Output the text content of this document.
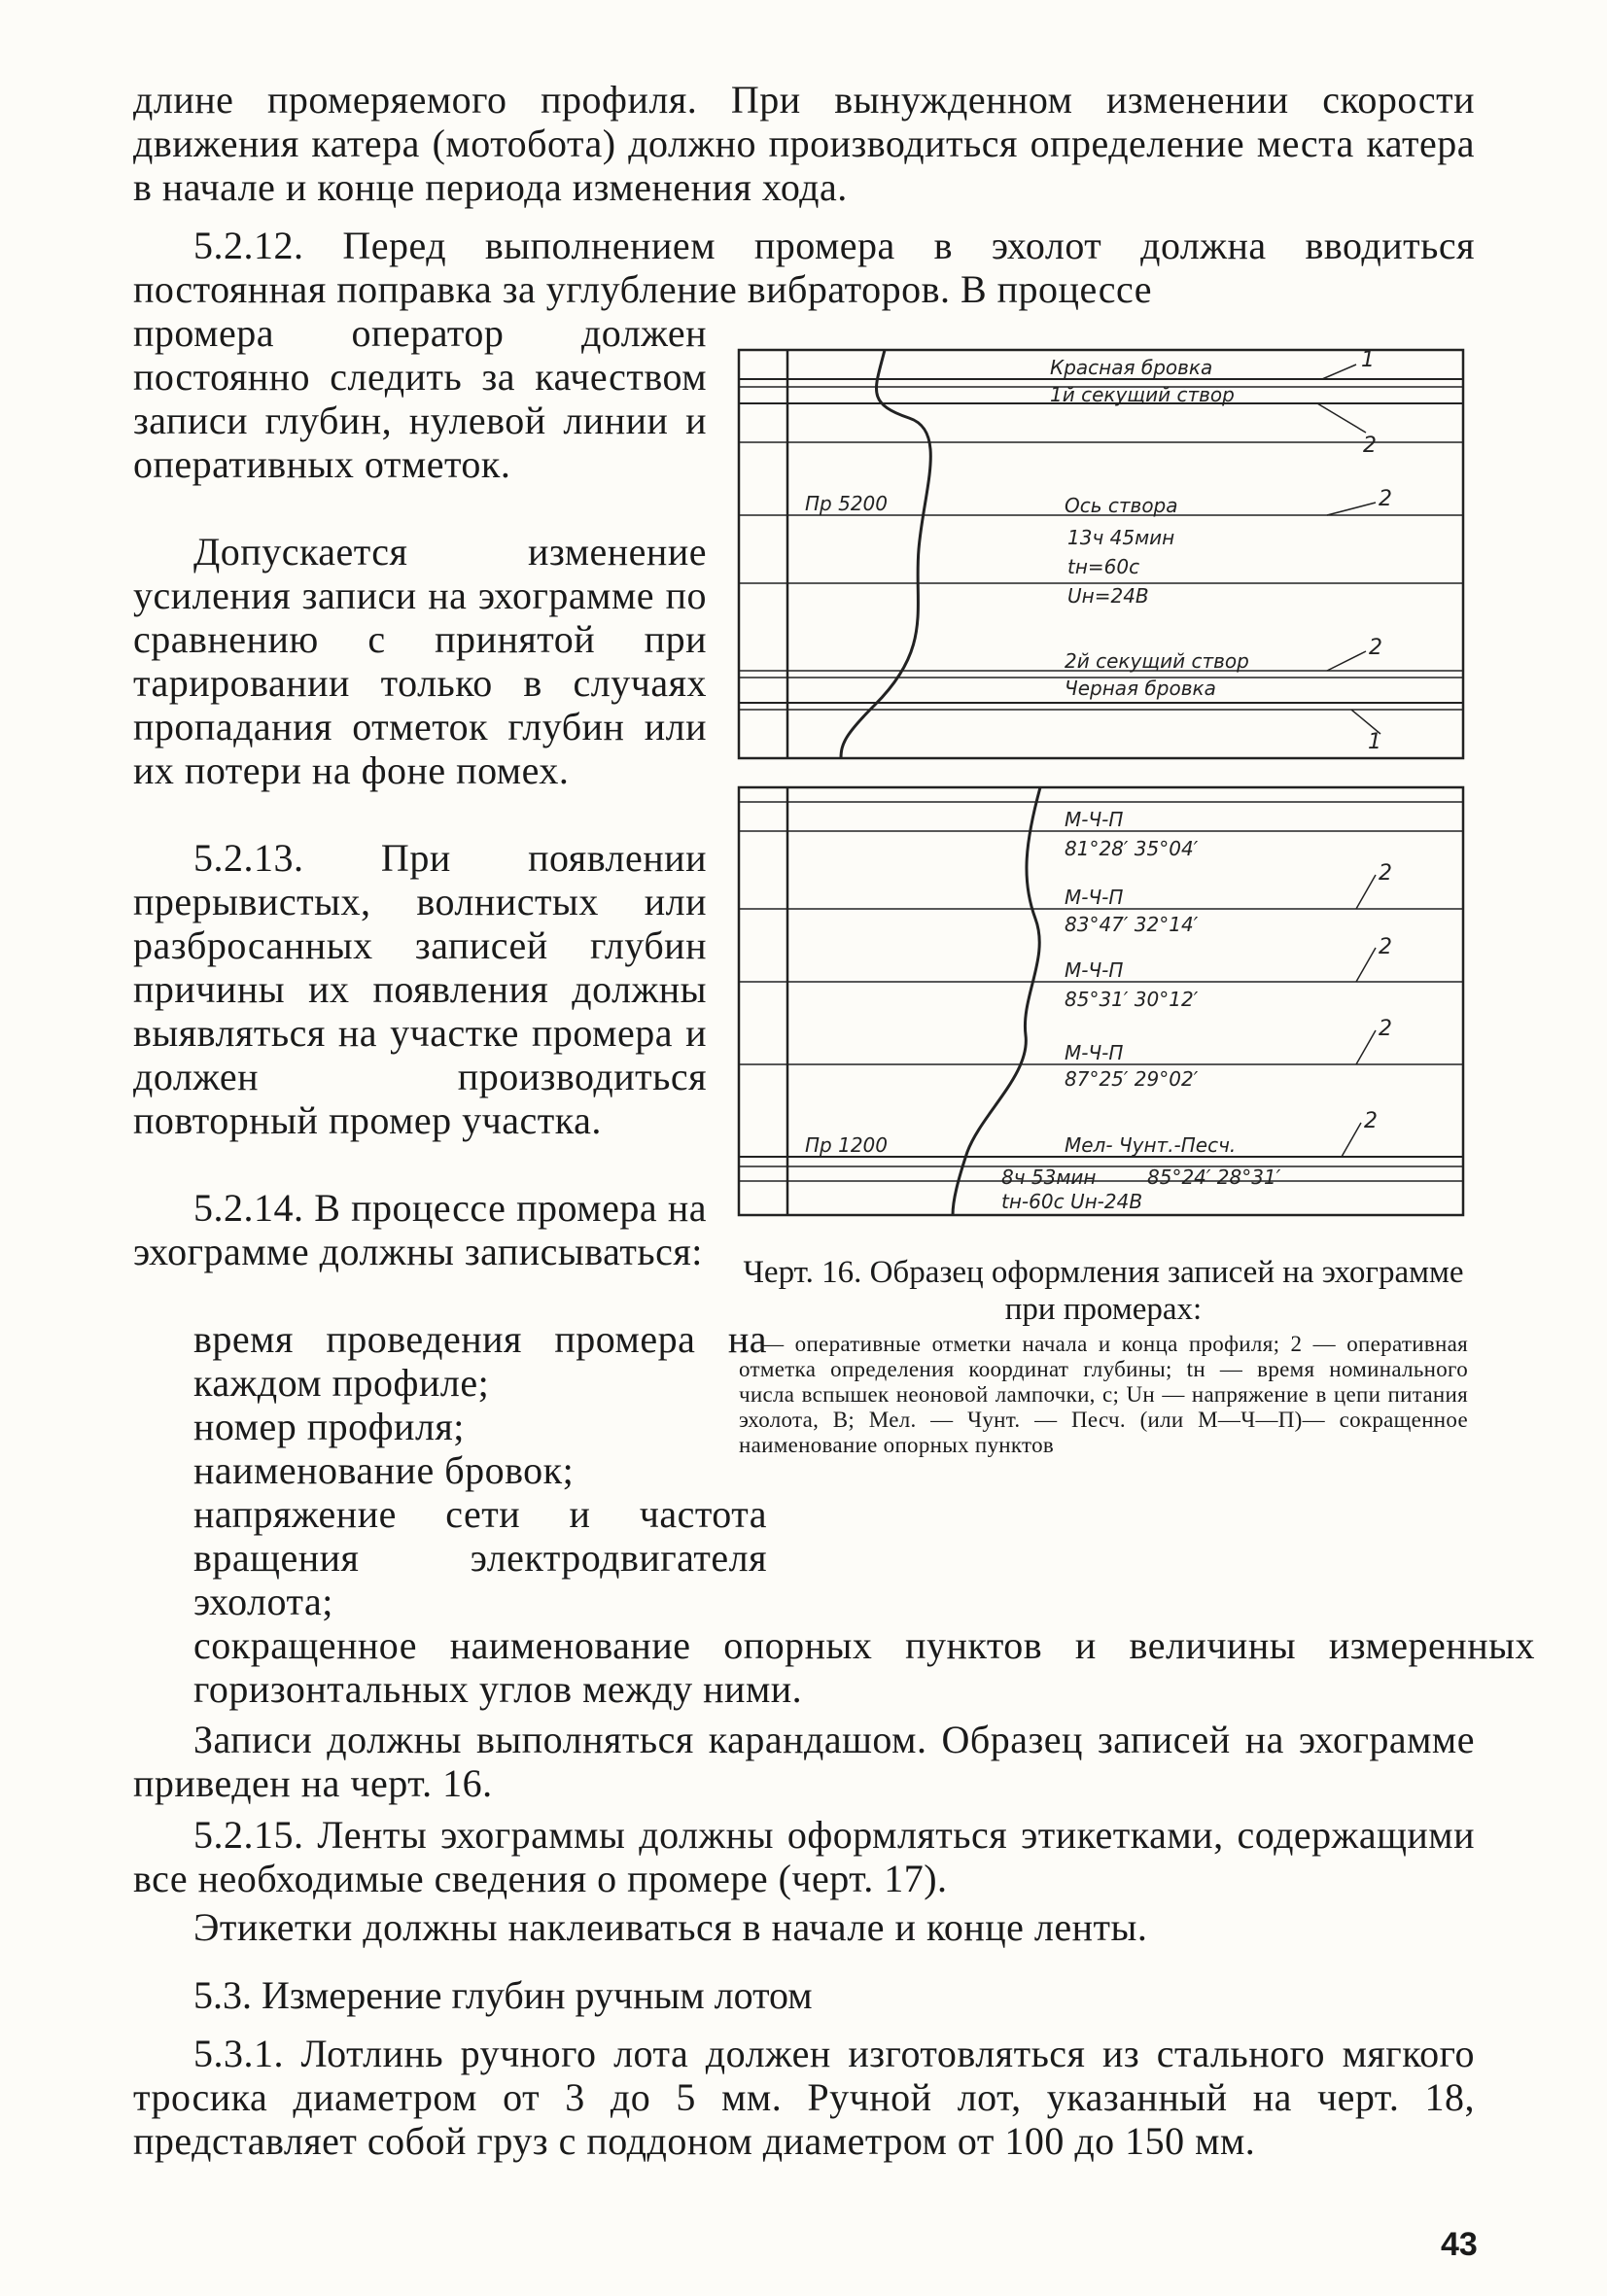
длине промеряемого профиля. При вынужденном изменении скорости движения катера (мотобота) должно производиться определение места катера в начале и конце периода изменения хода.
5.2.12. Перед выполнением промера в эхолот должна вводиться постоянная поправка за углубление вибраторов. В процессе
промера оператор должен постоянно следить за качеством записи глубин, нулевой линии и оперативных отметок.
Допускается изменение усиления записи на эхограмме по сравнению с принятой при тарировании только в случаях пропадания отметок глубин или их потери на фоне помех.
5.2.13. При появлении прерывистых, волнистых или разбросанных записей глубин причины их появления должны выявляться на участке промера и должен производиться повторный промер участка.
5.2.14. В процессе промера на эхограмме должны записываться:
время проведения промера на каждом профиле;
номер профиля;
наименование бровок;
напряжение сети и частота вращения электродвигателя эхолота;
сокращенное наименование опорных пунктов и величины измеренных горизонтальных углов между ними.
Записи должны выполняться карандашом. Образец записей на эхограмме приведен на черт. 16.
5.2.15. Ленты эхограммы должны оформляться этикетками, содержащими все необходимые сведения о промере (черт. 17).
Этикетки должны наклеиваться в начале и конце ленты.
5.3. Измерение глубин ручным лотом
5.3.1. Лотлинь ручного лота должен изготовляться из стального мягкого тросика диаметром от 3 до 5 мм. Ручной лот, указанный на черт. 18, представляет собой груз с поддоном диаметром от 100 до 150 мм.
Красная бровка
1й секущий створ
Пр 5200	Ось створа
13ч 45мин
tн=60с
Uн=24В
2й секущий створ
Черная бровка
М-Ч-П
81°28′ 35°04′
М-Ч-П
83°47′ 32°14′
М-Ч-П
85°31′ 30°12′
М-Ч-П
87°25′ 29°02′
Мел- Чунт.-Песч.
Пр 1200
8ч 53мин	85°24′ 28°31′
tн-60с Uн-24В
1
2
2
2
1
2
2
2
2
Черт. 16. Образец оформления записей на эхограмме при промерах:
1 — оперативные отметки начала и конца профиля; 2 — оперативная отметка определения координат глубины; tн — время номинального числа вспышек неоновой лампочки, с; Uн — напряжение в цепи питания эхолота, В; Мел. — Чунт. — Песч. (или М—Ч—П)— сокращенное наименование опорных пунктов
43
